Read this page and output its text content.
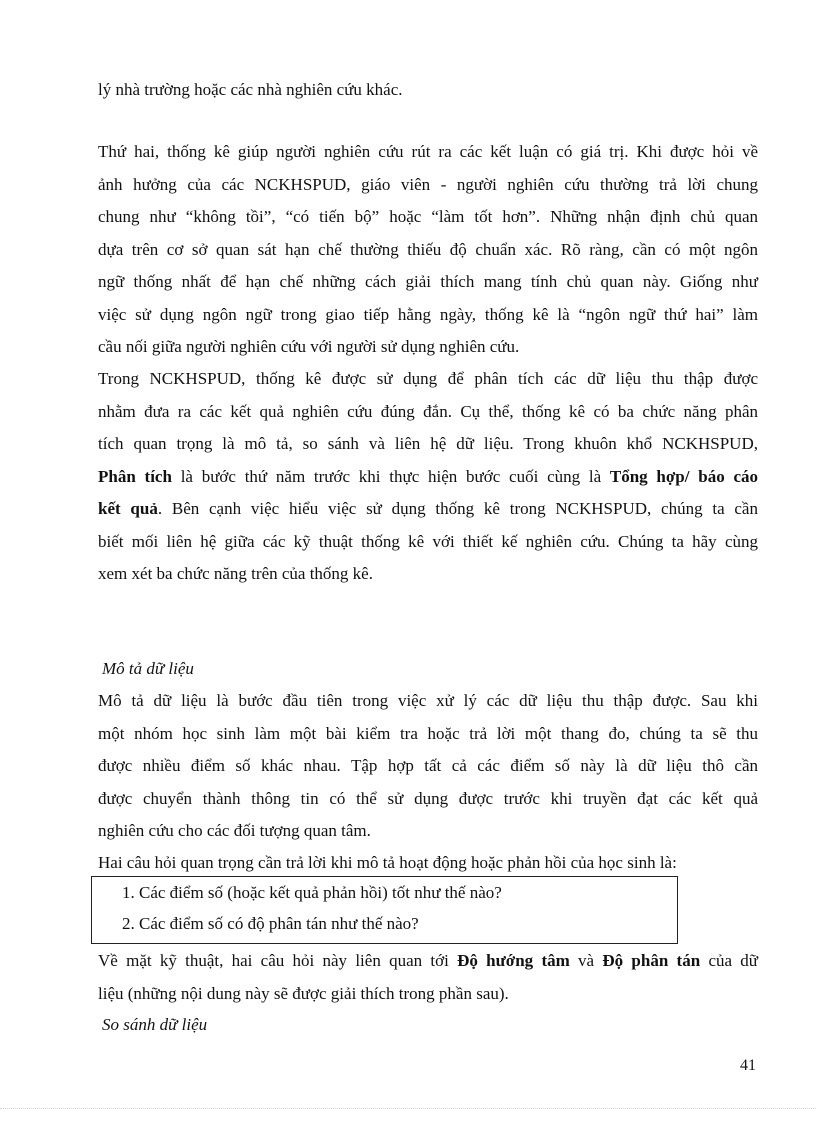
lý nhà trường hoặc các nhà nghiên cứu khác.
Thứ hai, thống kê giúp người nghiên cứu rút ra các kết luận có giá trị. Khi được hỏi về
ảnh hưởng của các NCKHSPUD, giáo viên - người nghiên cứu thường trả lời chung
chung như “không tồi”, “có tiến bộ” hoặc “làm tốt hơn”. Những nhận định chủ quan
dựa trên cơ sở quan sát hạn chế thường thiếu độ chuẩn xác. Rõ ràng, cần có một ngôn
ngữ thống nhất để hạn chế những cách giải thích mang tính chủ quan này. Giống như
việc sử dụng ngôn ngữ trong giao tiếp hằng ngày, thống kê là “ngôn ngữ thứ hai” làm
cầu nối giữa người nghiên cứu với người sử dụng nghiên cứu.
Trong NCKHSPUD, thống kê được sử dụng để phân tích các dữ liệu thu thập được
nhằm đưa ra các kết quả nghiên cứu đúng đắn. Cụ thể, thống kê có ba chức năng phân
tích quan trọng là mô tả, so sánh và liên hệ dữ liệu. Trong khuôn khổ NCKHSPUD,
Phân tích là bước thứ năm trước khi thực hiện bước cuối cùng là Tổng hợp/ báo cáo
kết quả. Bên cạnh việc hiểu việc sử dụng thống kê trong NCKHSPUD, chúng ta cần
biết mối liên hệ giữa các kỹ thuật thống kê với thiết kế nghiên cứu. Chúng ta hãy cùng
xem xét ba chức năng trên của thống kê.
Mô tả dữ liệu
Mô tả dữ liệu là bước đầu tiên trong việc xử lý các dữ liệu thu thập được. Sau khi
một nhóm học sinh làm một bài kiểm tra hoặc trả lời một thang đo, chúng ta sẽ thu
được nhiều điểm số khác nhau. Tập hợp tất cả các điểm số này là dữ liệu thô cần
được chuyển thành thông tin có thể sử dụng được trước khi truyền đạt các kết quả
nghiên cứu cho các đối tượng quan tâm.
Hai câu hỏi quan trọng cần trả lời khi mô tả hoạt động hoặc phản hồi của học sinh là:
1. Các điểm số (hoặc kết quả phản hồi) tốt như thế nào?
2. Các điểm số có độ phân tán như thế nào?
Về mặt kỹ thuật, hai câu hỏi này liên quan tới Độ hướng tâm và Độ phân tán của dữ
liệu (những nội dung này sẽ được giải thích trong phần sau).
So sánh dữ liệu
41
